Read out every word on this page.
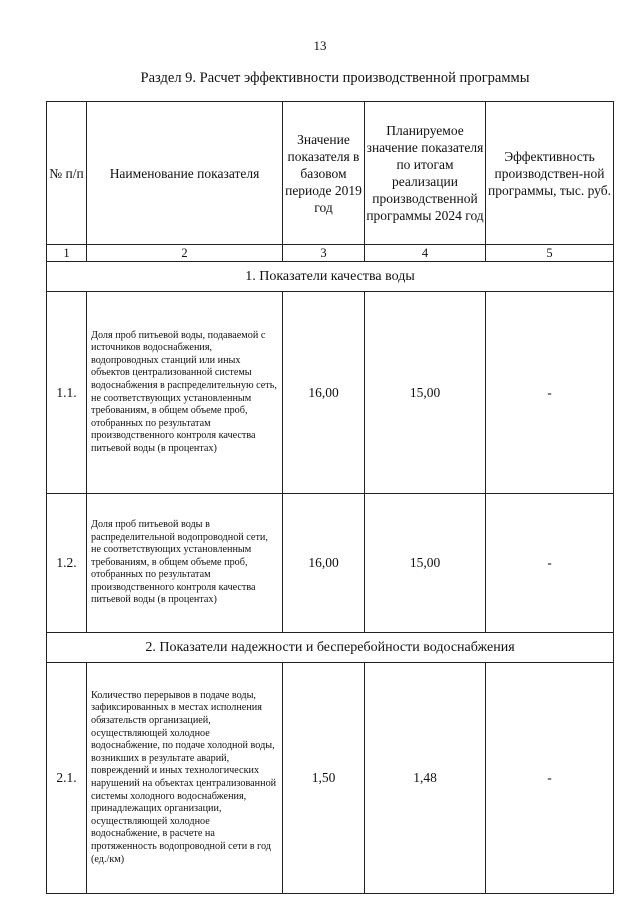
13
Раздел 9. Расчет эффективности производственной программы
№ п/п	Наименование показателя	Значение показателя в базовом периоде 2019 год	Планируемое значение показателя по итогам реализации производственной программы 2024 год	Эффективность производствен-ной программы, тыс. руб.
1	2	3	4	5
1. Показатели качества воды				
1.1.	Доля проб питьевой воды, подаваемой с источников водоснабжения, водопроводных станций или иных объектов централизованной системы водоснабжения в распределительную сеть, не соответствующих установленным требованиям, в общем объеме проб, отобранных по результатам производственного контроля качества питьевой воды (в процентах)	16,00	15,00	-
1.2.	Доля проб питьевой воды в распределительной водопроводной сети, не соответствующих установленным требованиям, в общем объеме проб, отобранных по результатам производственного контроля качества питьевой воды (в процентах)	16,00	15,00	-
2. Показатели надежности и бесперебойности водоснабжения				
2.1.	Количество перерывов в подаче воды, зафиксированных в местах исполнения обязательств организацией, осуществляющей холодное водоснабжение, по подаче холодной воды, возникших в результате аварий, повреждений и иных технологических нарушений на объектах централизованной системы холодного водоснабжения, принадлежащих организации, осуществляющей холодное водоснабжение, в расчете на протяженность водопроводной сети в год (ед./км)	1,50	1,48	-
